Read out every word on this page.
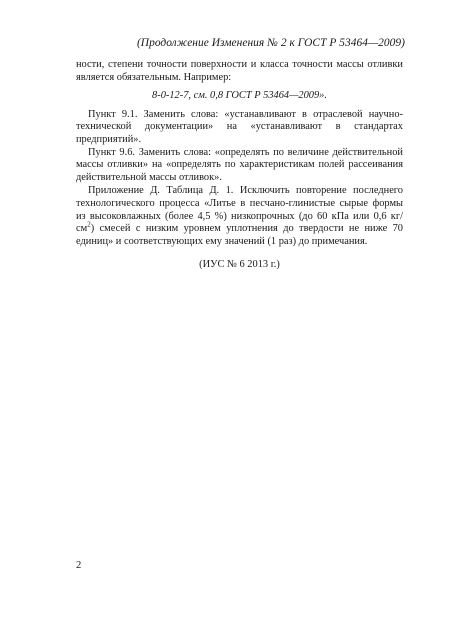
(Продолжение Изменения № 2 к ГОСТ Р 53464—2009)

ности, степени точности поверхности и класса точности массы отливки является обязательным. Например:

8-0-12-7, см. 0,8 ГОСТ Р 53464—2009».

Пункт 9.1. Заменить слова: «устанавливают в отраслевой научно-технической документации» на «устанавливают в стандартах предприятий».

Пункт 9.6. Заменить слова: «определять по величине действительной массы отливки» на «определять по характеристикам полей рассеивания действительной массы отливок».

Приложение Д. Таблица Д. 1. Исключить повторение последнего технологического процесса «Литье в песчано-глинистые сырые формы из высоковлажных (более 4,5 %) низкопрочных (до 60 кПа или 0,6 $кг/см^2$) смесей с низким уровнем уплотнения до твердости не ниже 70 единиц» и соответствующих ему значений (1 раз) до примечания.

(ИУС № 6 2013 г.)

2
